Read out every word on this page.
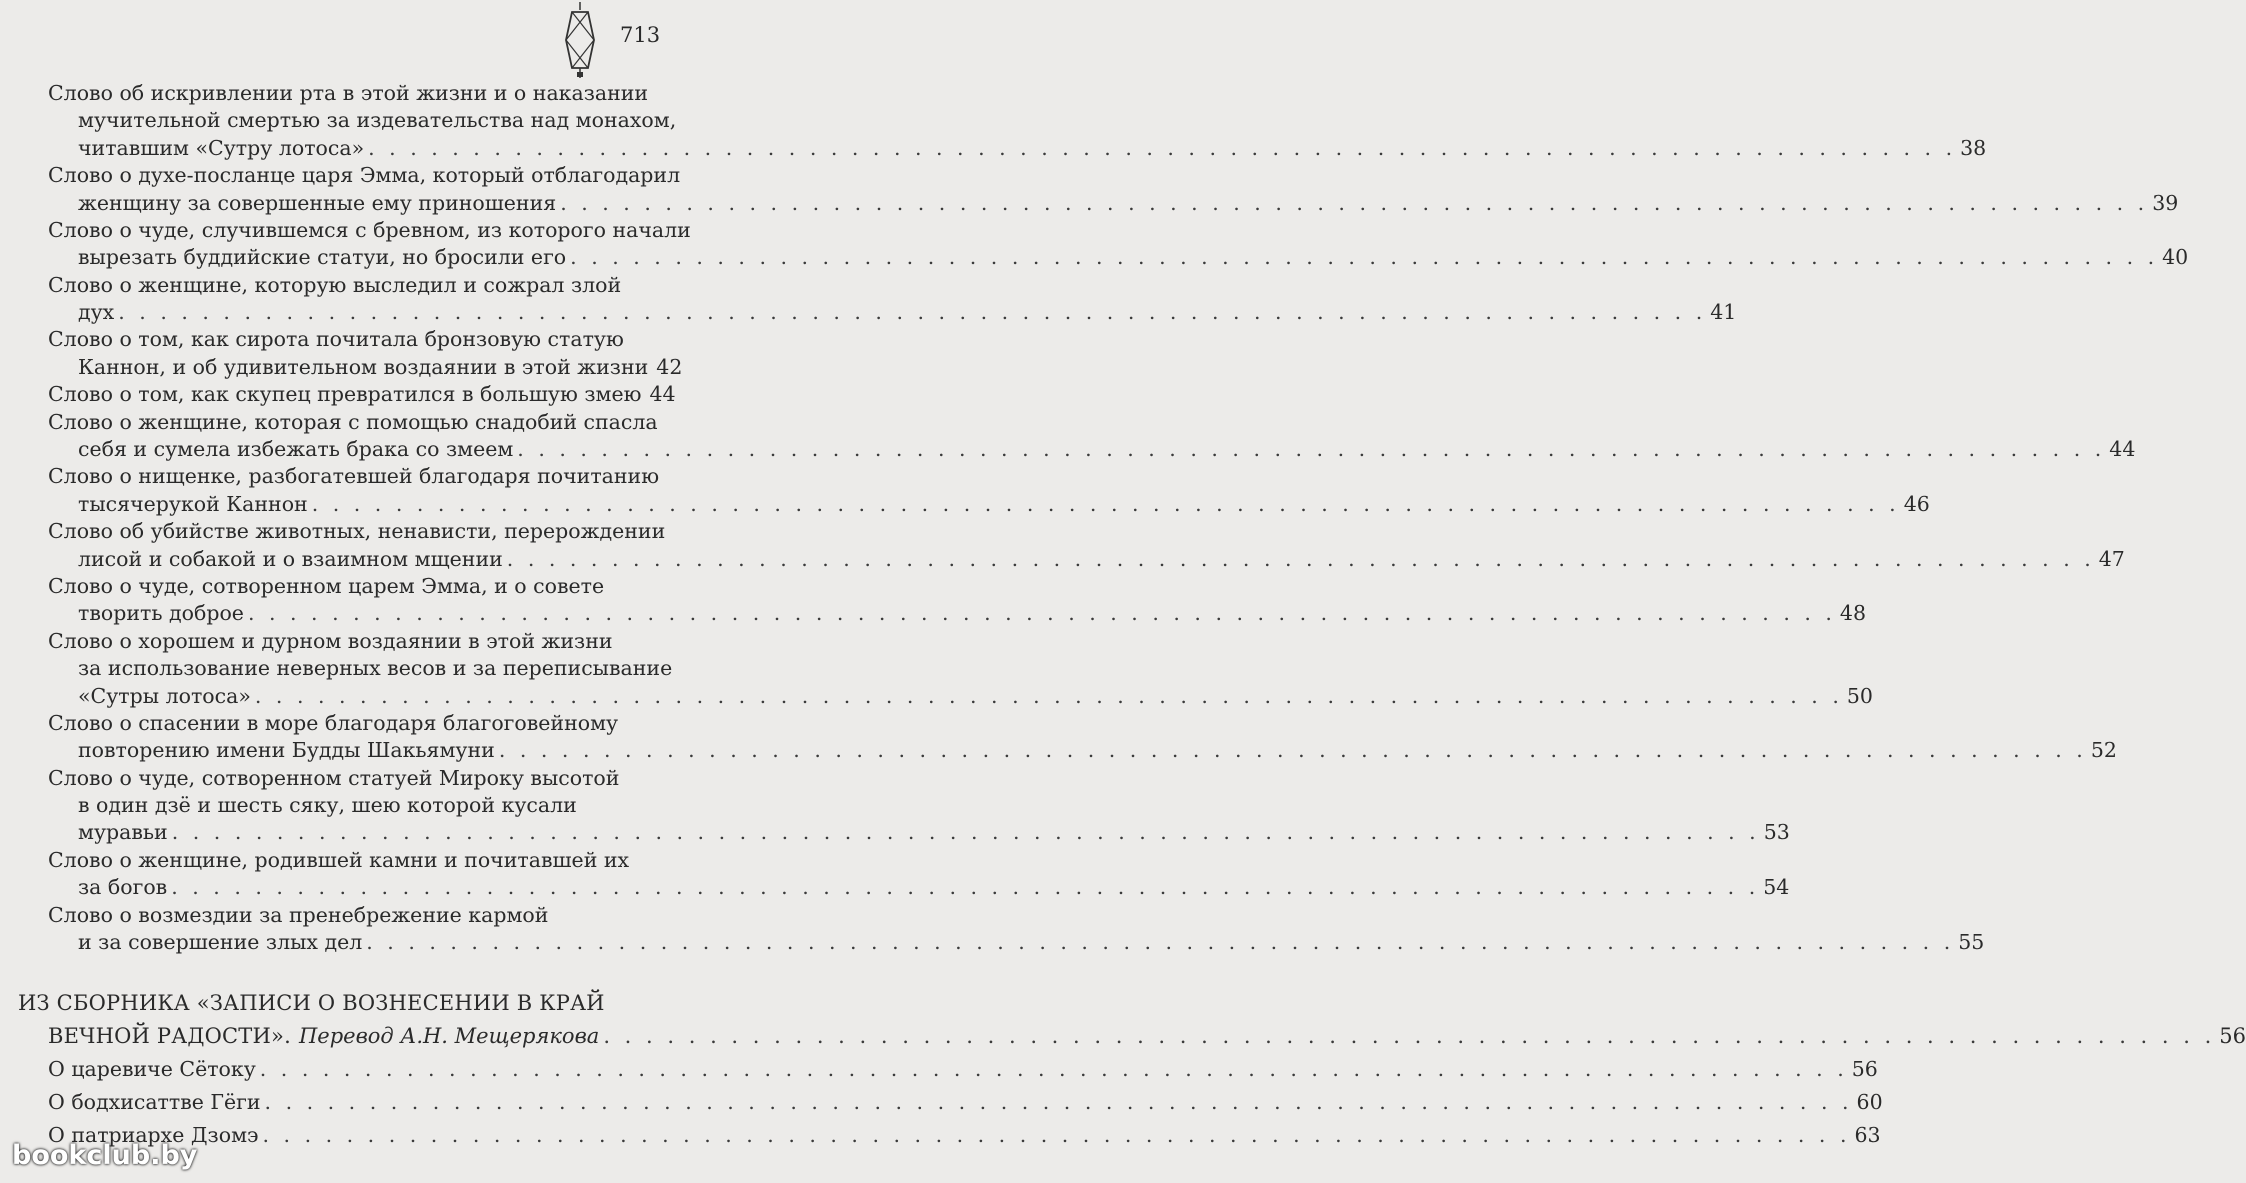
713
Слово об искривлении рта в этой жизни и о наказании
мучительной смертью за издевательства над монахом,
читавшим «Сутру лотоса» . . .	38
Слово о духе-посланце царя Эмма, который отблагодарил
женщину за совершенные ему приношения . . .	39
Слово о чуде, случившемся с бревном, из которого начали
вырезать буддийские статуи, но бросили его . . .	40
Слово о женщине, которую выследил и сожрал злой
дух . . .	41
Слово о том, как сирота почитала бронзовую статую
Каннон, и об удивительном воздаянии в этой жизни 42
Слово о том, как скупец превратился в большую змею 44
Слово о женщине, которая с помощью снадобий спасла
себя и сумела избежать брака со змеем . . .	44
Слово о нищенке, разбогатевшей благодаря почитанию
тысячерукой Каннон . . .	46
Слово об убийстве животных, ненависти, перерождении
лисой и собакой и о взаимном мщении . . .	47
Слово о чуде, сотворенном царем Эмма, и о совете
творить доброе . . .	48
Слово о хорошем и дурном воздаянии в этой жизни
за использование неверных весов и за переписывание
«Сутры лотоса» . . .	50
Слово о спасении в море благодаря благоговейному
повторению имени Будды Шакьямуни . . .	52
Слово о чуде, сотворенном статуей Мироку высотой
в один дзё и шесть сяку, шею которой кусали
муравьи . . .	53
Слово о женщине, родившей камни и почитавшей их
за богов . . .	54
Слово о возмездии за пренебрежение кармой
и за совершение злых дел . . .	55
ИЗ СБОРНИКА «ЗАПИСИ О ВОЗНЕСЕНИИ В КРАЙ
ВЕЧНОЙ РАДОСТИ». Перевод А.Н. Мещерякова . . .	56
О царевиче Сётоку . . .	56
О бодхисаттве Гёги . . .	60
О патриархе Дзомэ . . .	63
bookclub.by
